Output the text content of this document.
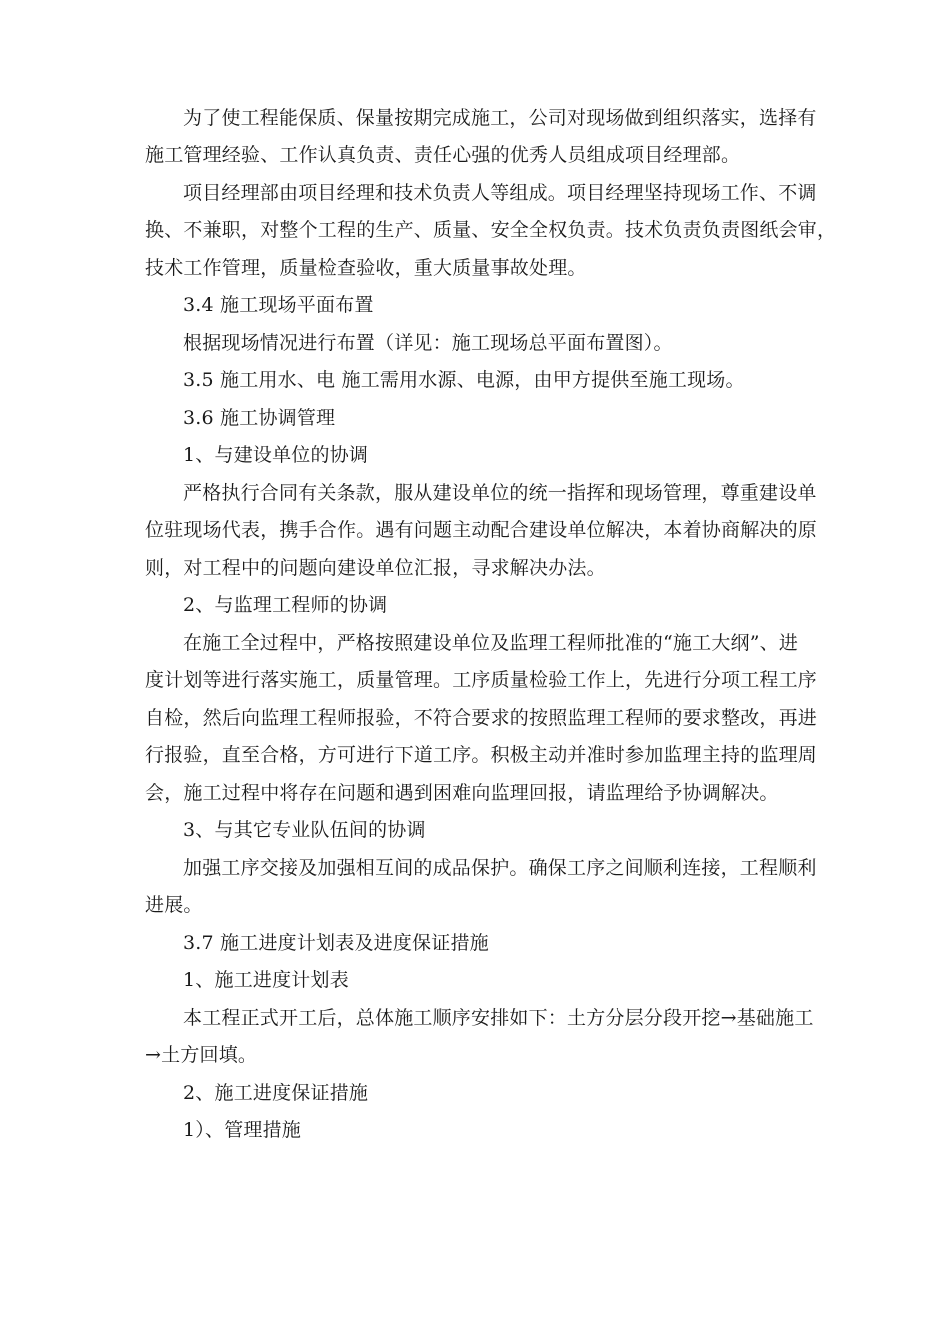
为了使工程能保质、保量按期完成施工，公司对现场做到组织落实，选择有
施工管理经验、工作认真负责、责任心强的优秀人员组成项目经理部。
项目经理部由项目经理和技术负责人等组成。项目经理坚持现场工作、不调
换、不兼职，对整个工程的生产、质量、安全全权负责。技术负责负责图纸会审，
技术工作管理，质量检查验收，重大质量事故处理。
3.4 施工现场平面布置
根据现场情况进行布置（详见：施工现场总平面布置图）。
3.5 施工用水、电 施工需用水源、电源，由甲方提供至施工现场。
3.6 施工协调管理
1、与建设单位的协调
严格执行合同有关条款，服从建设单位的统一指挥和现场管理，尊重建设单
位驻现场代表，携手合作。遇有问题主动配合建设单位解决，本着协商解决的原
则，对工程中的问题向建设单位汇报，寻求解决办法。
2、与监理工程师的协调
在施工全过程中，严格按照建设单位及监理工程师批准的“施工大纲”、进
度计划等进行落实施工，质量管理。工序质量检验工作上，先进行分项工程工序
自检，然后向监理工程师报验，不符合要求的按照监理工程师的要求整改，再进
行报验，直至合格，方可进行下道工序。积极主动并准时参加监理主持的监理周
会，施工过程中将存在问题和遇到困难向监理回报，请监理给予协调解决。
3、与其它专业队伍间的协调
加强工序交接及加强相互间的成品保护。确保工序之间顺利连接，工程顺利
进展。
3.7 施工进度计划表及进度保证措施
1、施工进度计划表
本工程正式开工后，总体施工顺序安排如下：土方分层分段开挖→基础施工
→土方回填。
2、施工进度保证措施
1）、管理措施
